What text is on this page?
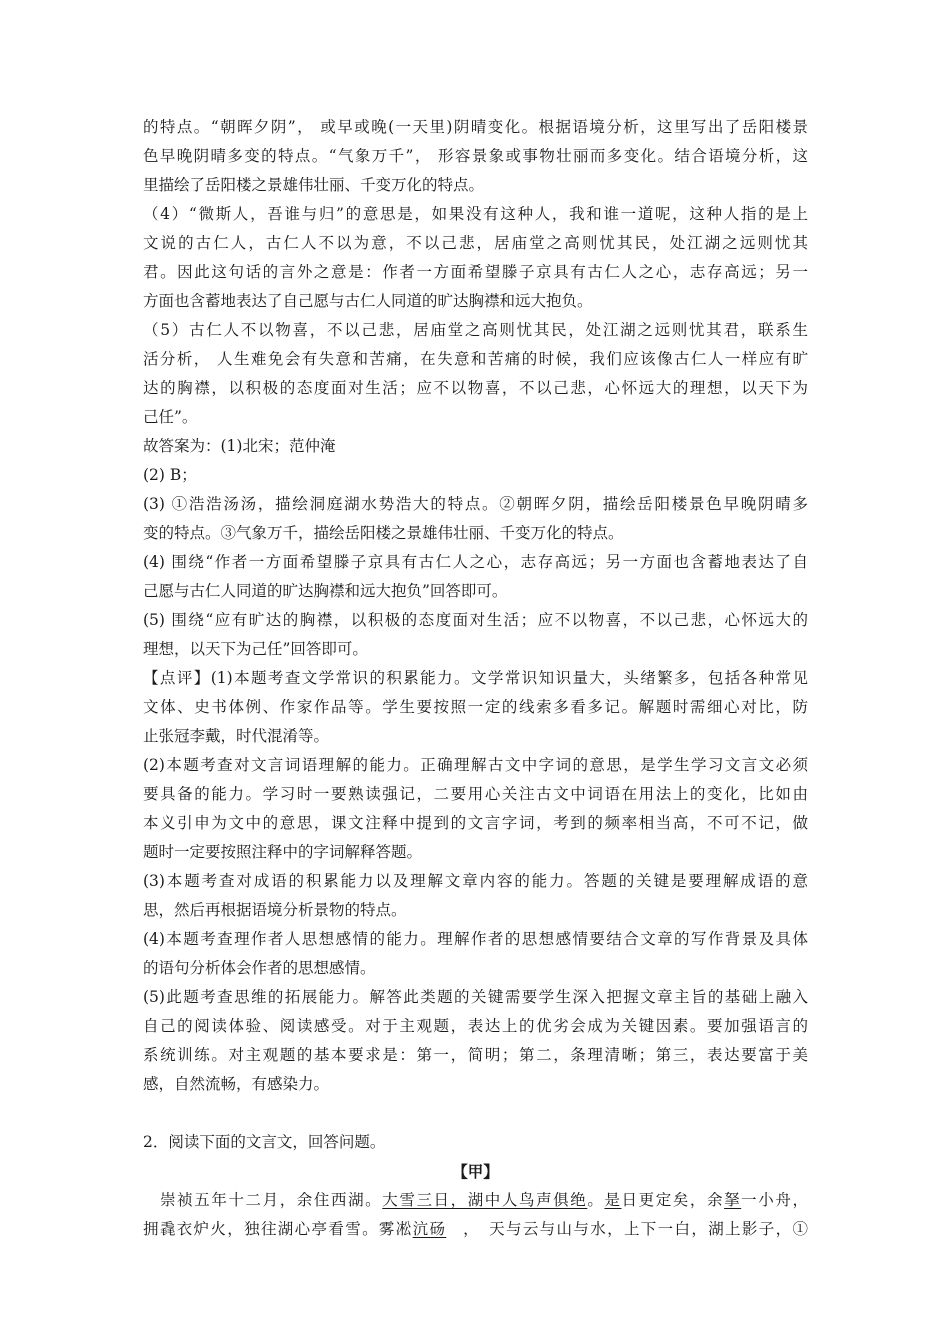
的特点。“朝晖夕阴”， 或早或晚(一天里)阴晴变化。根据语境分析，这里写出了岳阳楼景
色早晚阴晴多变的特点。“气象万千”， 形容景象或事物壮丽而多变化。结合语境分析，这
里描绘了岳阳楼之景雄伟壮丽、千变万化的特点。
（4）“微斯人，吾谁与归”的意思是，如果没有这种人，我和谁一道呢，这种人指的是上
文说的古仁人，古仁人不以为意，不以己悲，居庙堂之高则忧其民，处江湖之远则忧其
君。因此这句话的言外之意是：作者一方面希望滕子京具有古仁人之心，志存高远；另一
方面也含蓄地表达了自己愿与古仁人同道的旷达胸襟和远大抱负。
（5）古仁人不以物喜，不以己悲，居庙堂之高则忧其民，处江湖之远则忧其君，联系生
活分析， 人生难免会有失意和苦痛，在失意和苦痛的时候，我们应该像古仁人一样应有旷
达的胸襟，以积极的态度面对生活；应不以物喜，不以己悲，心怀远大的理想，以天下为
己任”。
故答案为：(1)北宋；范仲淹
(2) B；
(3) ①浩浩汤汤，描绘洞庭湖水势浩大的特点。②朝晖夕阴，描绘岳阳楼景色早晚阴晴多
变的特点。③气象万千，描绘岳阳楼之景雄伟壮丽、千变万化的特点。
(4) 围绕“作者一方面希望滕子京具有古仁人之心，志存高远；另一方面也含蓄地表达了自
己愿与古仁人同道的旷达胸襟和远大抱负”回答即可。
(5) 围绕“应有旷达的胸襟，以积极的态度面对生活；应不以物喜，不以己悲，心怀远大的
理想，以天下为己任”回答即可。
【点评】(1)本题考查文学常识的积累能力。文学常识知识量大，头绪繁多，包括各种常见
文体、史书体例、作家作品等。学生要按照一定的线索多看多记。解题时需细心对比，防
止张冠李戴，时代混淆等。
(2)本题考查对文言词语理解的能力。正确理解古文中字词的意思，是学生学习文言文必须
要具备的能力。学习时一要熟读强记，二要用心关注古文中词语在用法上的变化，比如由
本义引申为文中的意思，课文注释中提到的文言字词，考到的频率相当高，不可不记，做
题时一定要按照注释中的字词解释答题。
(3)本题考查对成语的积累能力以及理解文章内容的能力。答题的关键是要理解成语的意
思，然后再根据语境分析景物的特点。
(4)本题考查理作者人思想感情的能力。理解作者的思想感情要结合文章的写作背景及具体
的语句分析体会作者的思想感情。
(5)此题考查思维的拓展能力。解答此类题的关键需要学生深入把握文章主旨的基础上融入
自己的阅读体验、阅读感受。对于主观题，表达上的优劣会成为关键因素。要加强语言的
系统训练。对主观题的基本要求是：第一，简明；第二，条理清晰；第三，表达要富于美
感，自然流畅，有感染力。
2．阅读下面的文言文，回答问题。
【甲】
　崇祯五年十二月，余住西湖。大雪三日，湖中人鸟声俱绝。是日更定矣，余拏一小舟，
拥毳衣炉火，独往湖心亭看雪。雾凇沆砀　，　天与云与山与水，上下一白，湖上影子，①
